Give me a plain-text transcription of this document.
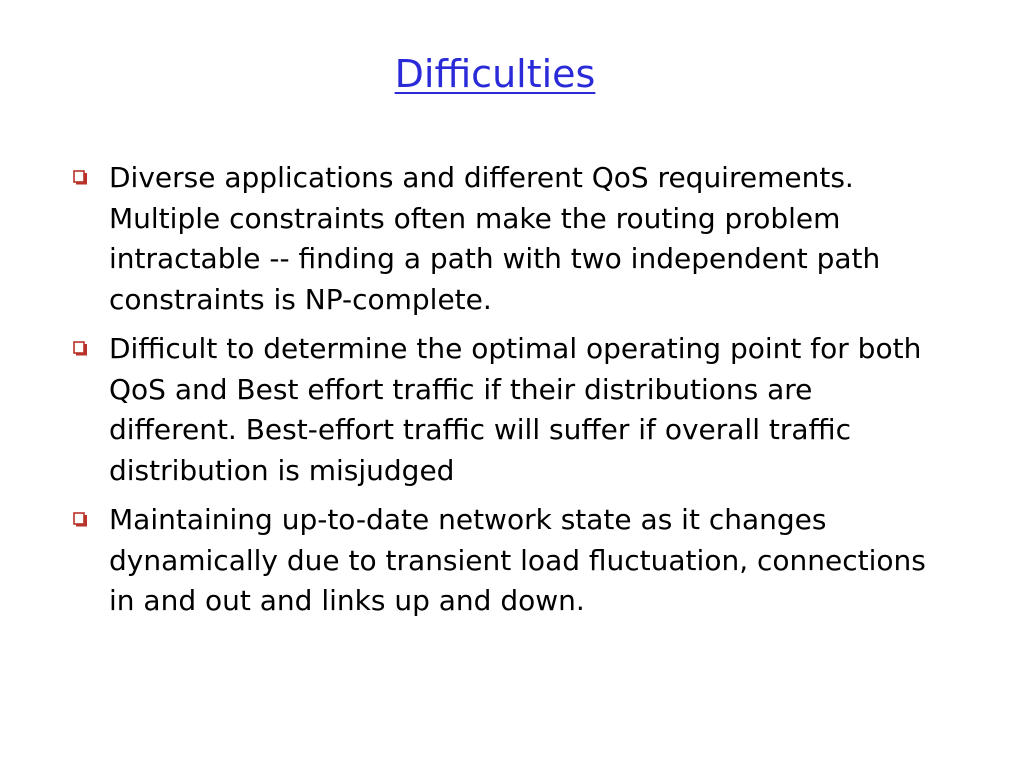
Difficulties
Diverse applications and different QoS requirements. Multiple constraints often make the routing problem intractable -- finding a path with two independent path constraints is NP-complete.
Difficult to determine the optimal operating point for both QoS and Best effort traffic if their distributions are different. Best-effort traffic will suffer if overall traffic distribution is misjudged
Maintaining up-to-date network state as it changes dynamically due to transient load fluctuation, connections in and out and links up and down.
